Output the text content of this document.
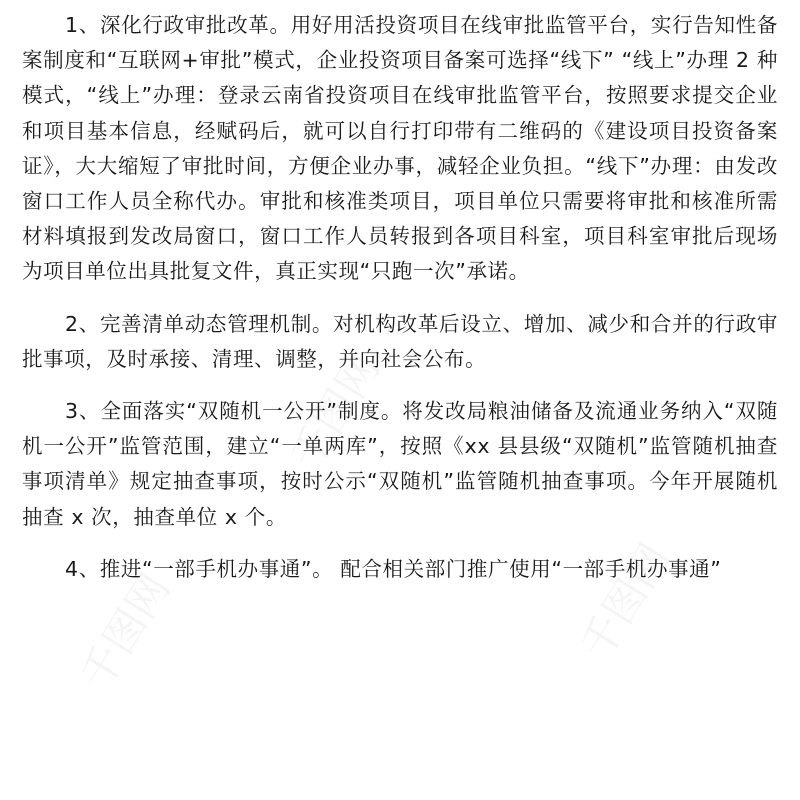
1、深化行政审批改革。用好用活投资项目在线审批监管平台，实行告知性备案制度和“互联网+审批”模式，企业投资项目备案可选择“线下” “线上”办理 2 种模式，“线上”办理：登录云南省投资项目在线审批监管平台，按照要求提交企业和项目基本信息，经赋码后，就可以自行打印带有二维码的《建设项目投资备案证》，大大缩短了审批时间，方便企业办事，减轻企业负担。“线下”办理：由发改窗口工作人员全称代办。审批和核准类项目，项目单位只需要将审批和核准所需材料填报到发改局窗口，窗口工作人员转报到各项目科室，项目科室审批后现场为项目单位出具批复文件，真正实现“只跑一次”承诺。

2、完善清单动态管理机制。对机构改革后设立、增加、减少和合并的行政审批事项，及时承接、清理、调整，并向社会公布。

3、全面落实“双随机一公开”制度。将发改局粮油储备及流通业务纳入“双随机一公开”监管范围，建立“一单两库”，按照《xx 县县级“双随机”监管随机抽查事项清单》规定抽查事项，按时公示“双随机”监管随机抽查事项。今年开展随机抽查 x 次，抽查单位 x 个。

4、推进“一部手机办事通”。 配合相关部门推广使用“一部手机办事通”

千图网
千图网
千图网
